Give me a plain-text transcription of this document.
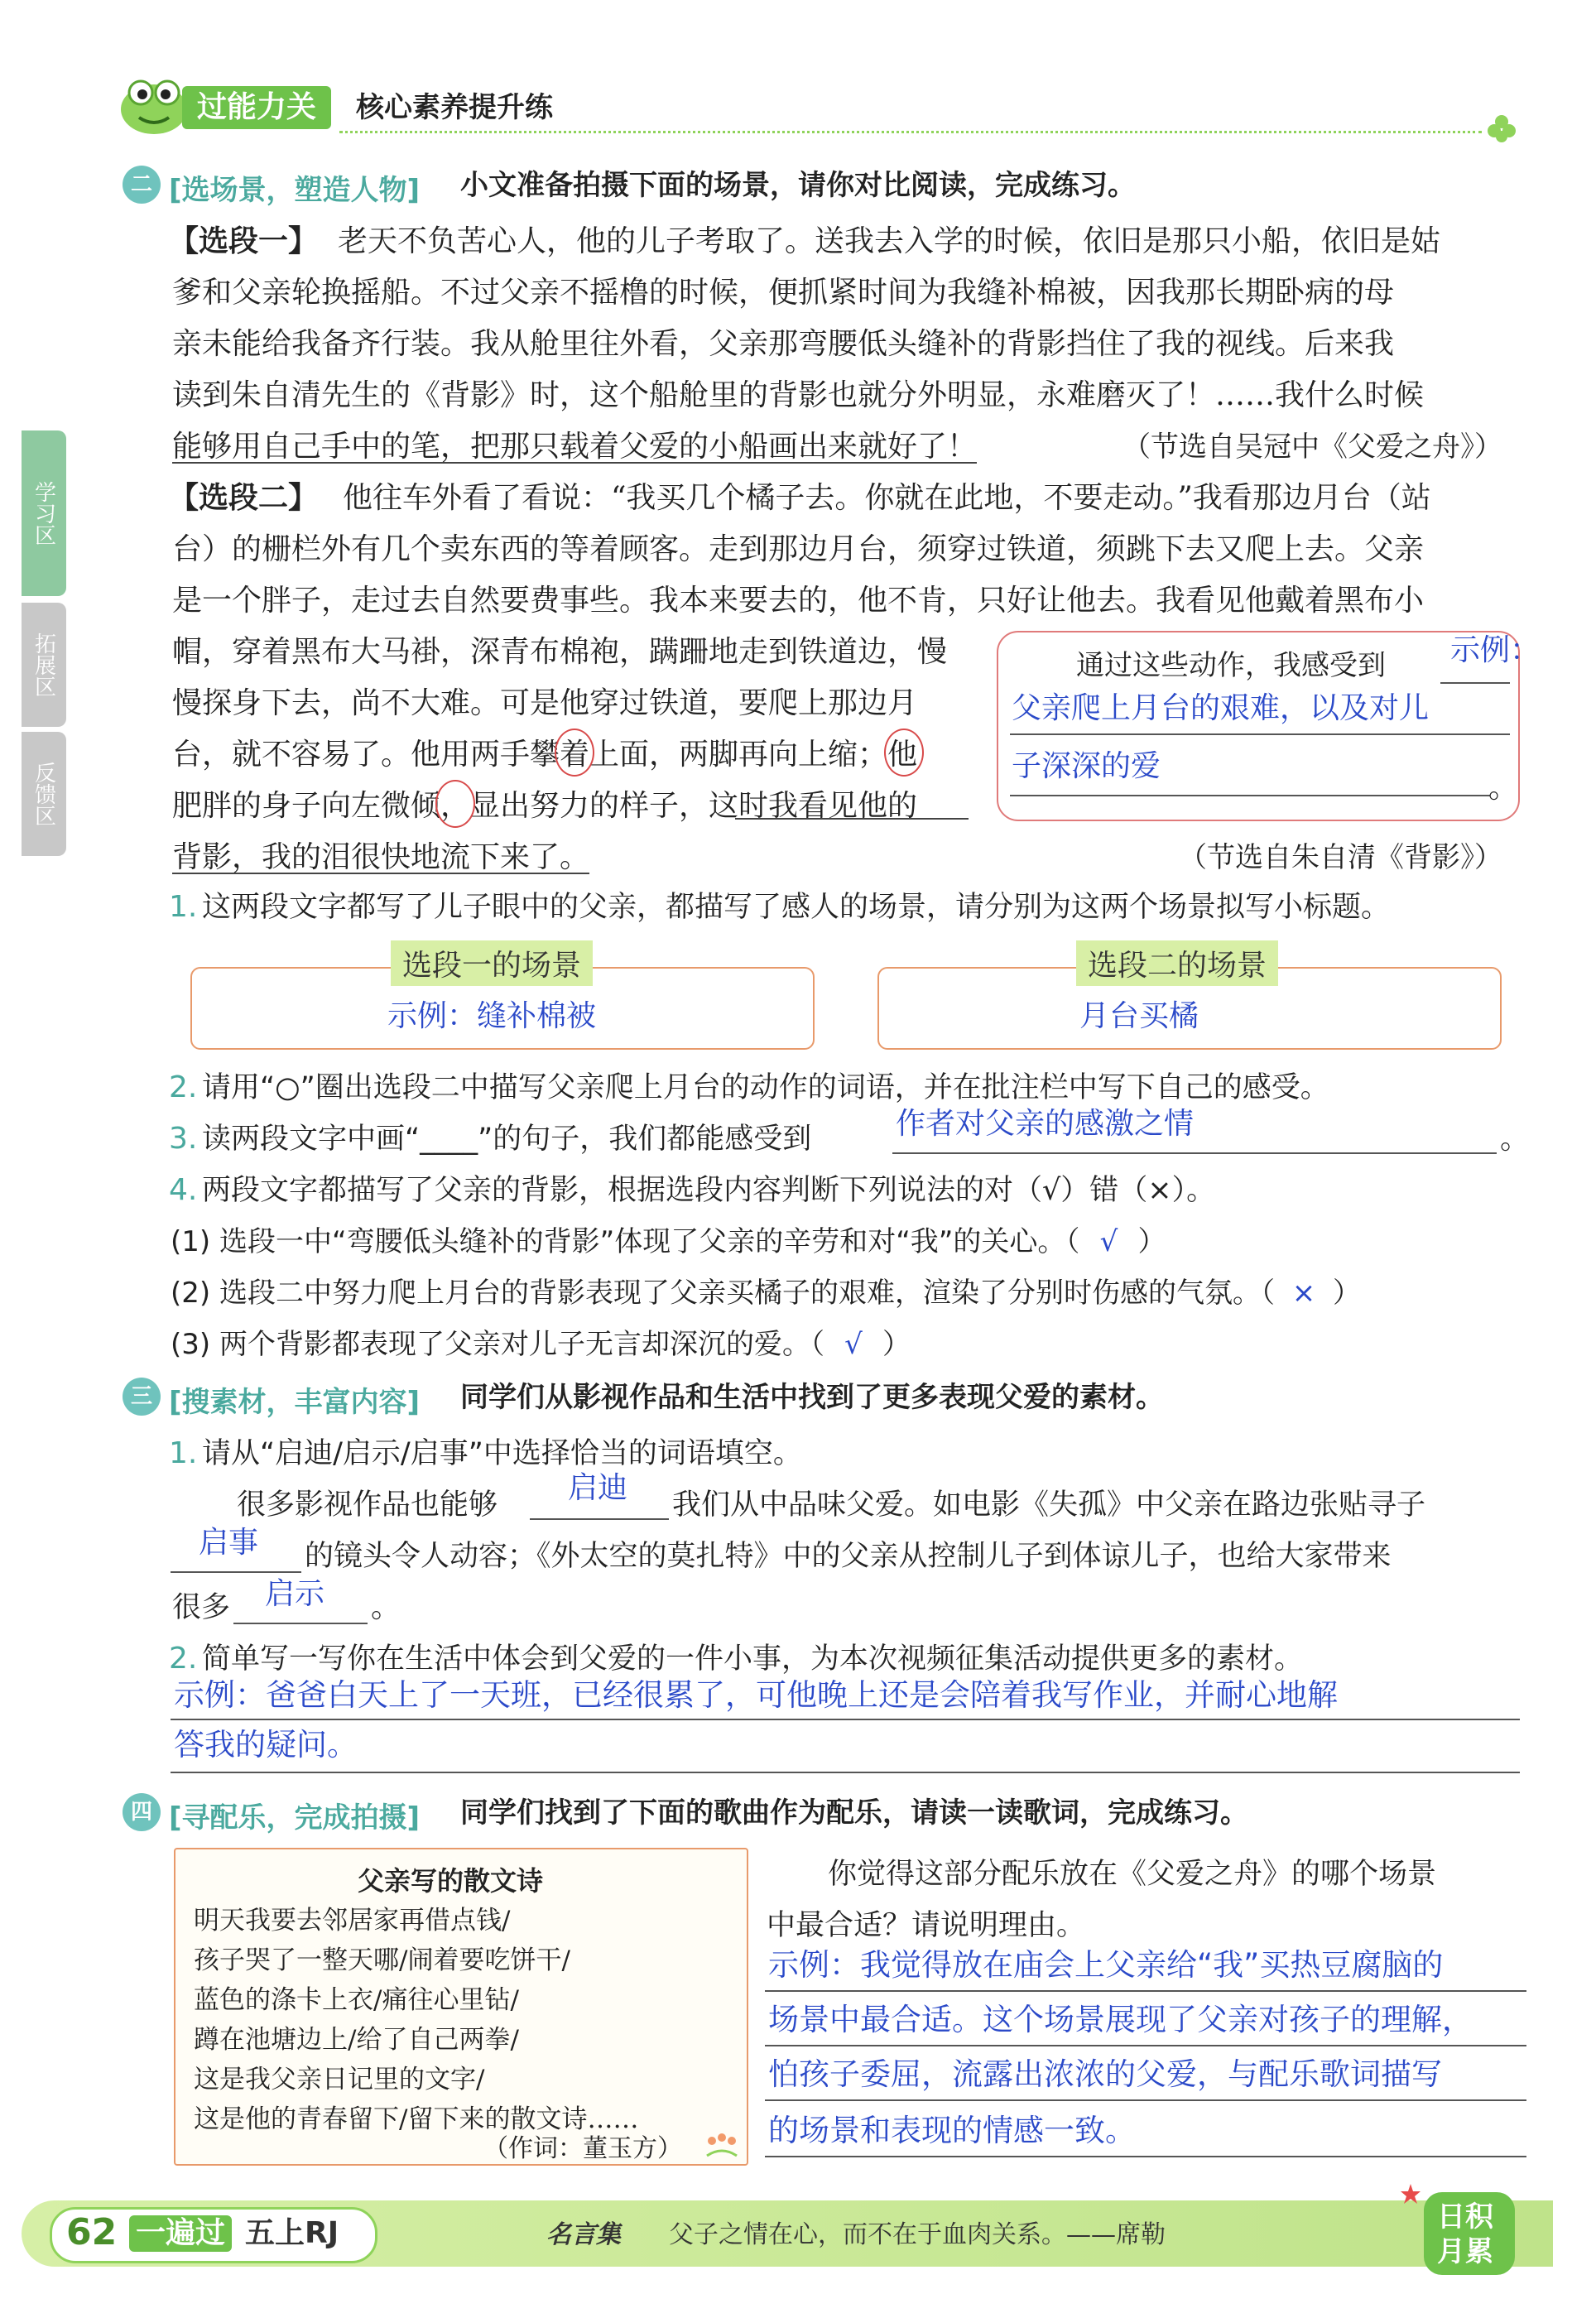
过能力关	核心素养提升练
学习区
拓展区
反馈区
二 [选场景，塑造人物] 小文准备拍摄下面的场景，请你对比阅读，完成练习。
【选段一】 老天不负苦心人，他的儿子考取了。送我去入学的时候，依旧是那只小船，依旧是姑
爹和父亲轮换摇船。不过父亲不摇橹的时候，便抓紧时间为我缝补棉被，因我那长期卧病的母
亲未能给我备齐行装。我从舱里往外看，父亲那弯腰低头缝补的背影挡住了我的视线。后来我
读到朱自清先生的《背影》时，这个船舱里的背影也就分外明显，永难磨灭了！……我什么时候
能够用自己手中的笔，把那只载着父爱的小船画出来就好了！	（节选自吴冠中《父爱之舟》）
【选段二】 他往车外看了看说：“我买几个橘子去。你就在此地，不要走动。”我看那边月台（站
台）的栅栏外有几个卖东西的等着顾客。走到那边月台，须穿过铁道，须跳下去又爬上去。父亲
是一个胖子，走过去自然要费事些。我本来要去的，他不肯，只好让他去。我看见他戴着黑布小
帽，穿着黑布大马褂，深青布棉袍，蹒跚地走到铁道边，慢
慢探身下去，尚不大难。可是他穿过铁道，要爬上那边月
台，就不容易了。他用两手攀着上面，两脚再向上缩；他
肥胖的身子向左微倾，显出努力的样子，这时我看见他的
背影，我的泪很快地流下来了。	（节选自朱自清《背影》）
通过这些动作，我感受到 示例：
父亲爬上月台的艰难，以及对儿
子深深的爱
。
1. 这两段文字都写了儿子眼中的父亲，都描写了感人的场景，请分别为这两个场景拟写小标题。
选段一的场景
示例：缝补棉被
选段二的场景
月台买橘
2. 请用“○”圈出选段二中描写父亲爬上月台的动作的词语，并在批注栏中写下自己的感受。
3. 读两段文字中画“____”的句子，我们都能感受到	作者对父亲的感激之情	。
4. 两段文字都描写了父亲的背影，根据选段内容判断下列说法的对（√）错（×）。
(1) 选段一中“弯腰低头缝补的背影”体现了父亲的辛劳和对“我”的关心。（ √ ）
(2) 选段二中努力爬上月台的背影表现了父亲买橘子的艰难，渲染了分别时伤感的气氛。（ × ）
(3) 两个背影都表现了父亲对儿子无言却深沉的爱。（ √ ）
三 [搜素材，丰富内容] 同学们从影视作品和生活中找到了更多表现父爱的素材。
1. 请从“启迪/启示/启事”中选择恰当的词语填空。
很多影视作品也能够 启迪 我们从中品味父爱。如电影《失孤》中父亲在路边张贴寻子
启事 的镜头令人动容；《外太空的莫扎特》中的父亲从控制儿子到体谅儿子，也给大家带来
很多 启示 。
2. 简单写一写你在生活中体会到父爱的一件小事，为本次视频征集活动提供更多的素材。
示例：爸爸白天上了一天班，已经很累了，可他晚上还是会陪着我写作业，并耐心地解
答我的疑问。
四 [寻配乐，完成拍摄] 同学们找到了下面的歌曲作为配乐，请读一读歌词，完成练习。
父亲写的散文诗
明天我要去邻居家再借点钱/
孩子哭了一整天哪/闹着要吃饼干/
蓝色的涤卡上衣/痛往心里钻/
蹲在池塘边上/给了自己两拳/
这是我父亲日记里的文字/
这是他的青春留下/留下来的散文诗……
（作词：董玉方）
你觉得这部分配乐放在《父爱之舟》的哪个场景
中最合适？请说明理由。
示例：我觉得放在庙会上父亲给“我”买热豆腐脑的
场景中最合适。这个场景展现了父亲对孩子的理解，
怕孩子委屈，流露出浓浓的父爱，与配乐歌词描写
的场景和表现的情感一致。
62 一遍过 五上RJ	名言集 父子之情在心，而不在于血肉关系。——席勒
日积
月累
